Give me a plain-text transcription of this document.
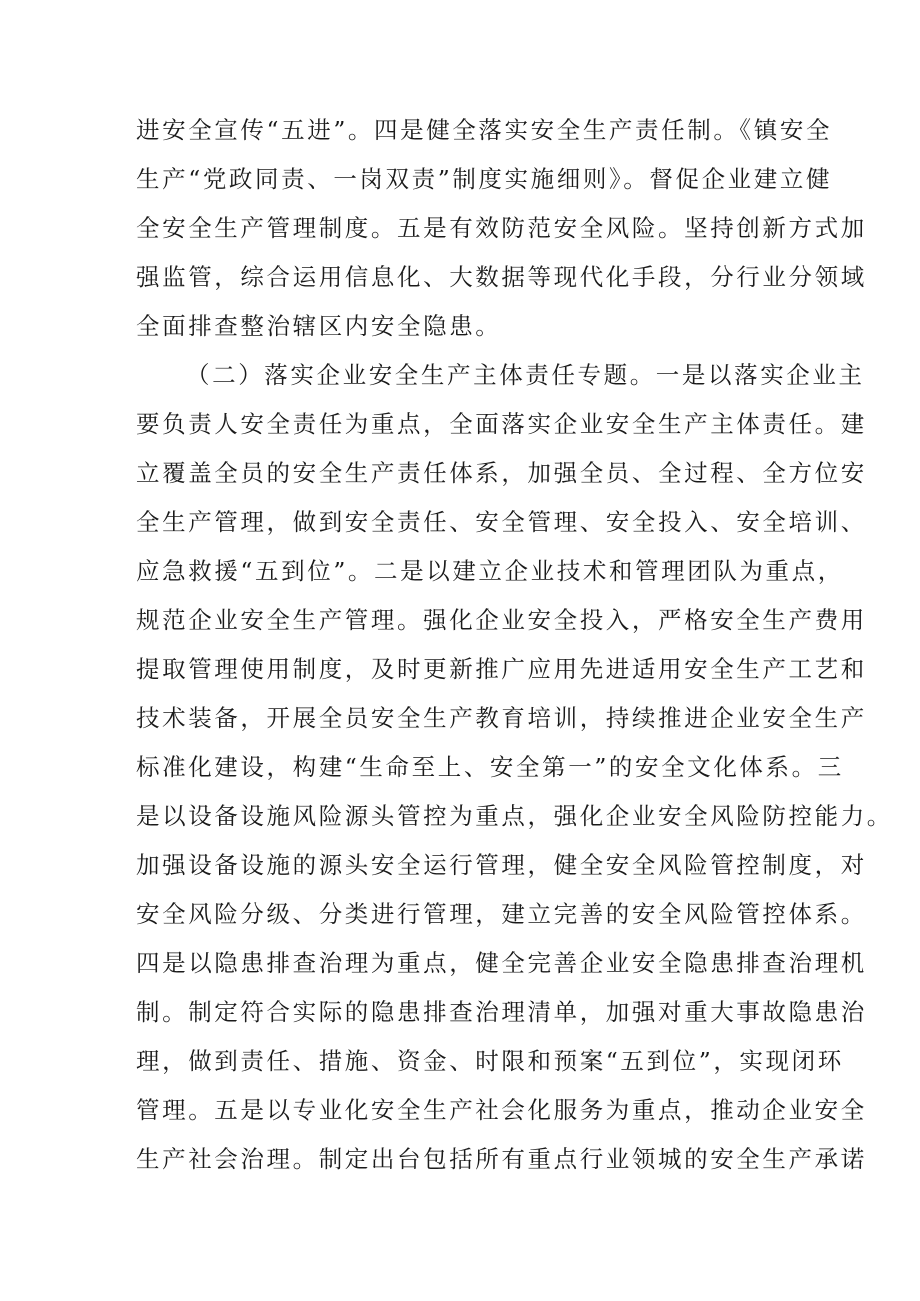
进安全宣传“五进”。四是健全落实安全生产责任制。《镇安全
生产“党政同责、一岗双责”制度实施细则》。督促企业建立健
全安全生产管理制度。五是有效防范安全风险。坚持创新方式加
强监管，综合运用信息化、大数据等现代化手段，分行业分领域
全面排查整治辖区内安全隐患。
（二）落实企业安全生产主体责任专题。一是以落实企业主
要负责人安全责任为重点，全面落实企业安全生产主体责任。建
立覆盖全员的安全生产责任体系，加强全员、全过程、全方位安
全生产管理，做到安全责任、安全管理、安全投入、安全培训、
应急救援“五到位”。二是以建立企业技术和管理团队为重点，
规范企业安全生产管理。强化企业安全投入，严格安全生产费用
提取管理使用制度，及时更新推广应用先进适用安全生产工艺和
技术装备，开展全员安全生产教育培训，持续推进企业安全生产
标准化建设，构建“生命至上、安全第一”的安全文化体系。三
是以设备设施风险源头管控为重点，强化企业安全风险防控能力。
加强设备设施的源头安全运行管理，健全安全风险管控制度，对
安全风险分级、分类进行管理，建立完善的安全风险管控体系。
四是以隐患排查治理为重点，健全完善企业安全隐患排查治理机
制。制定符合实际的隐患排查治理清单，加强对重大事故隐患治
理，做到责任、措施、资金、时限和预案“五到位”，实现闭环
管理。五是以专业化安全生产社会化服务为重点，推动企业安全
生产社会治理。制定出台包括所有重点行业领城的安全生产承诺
